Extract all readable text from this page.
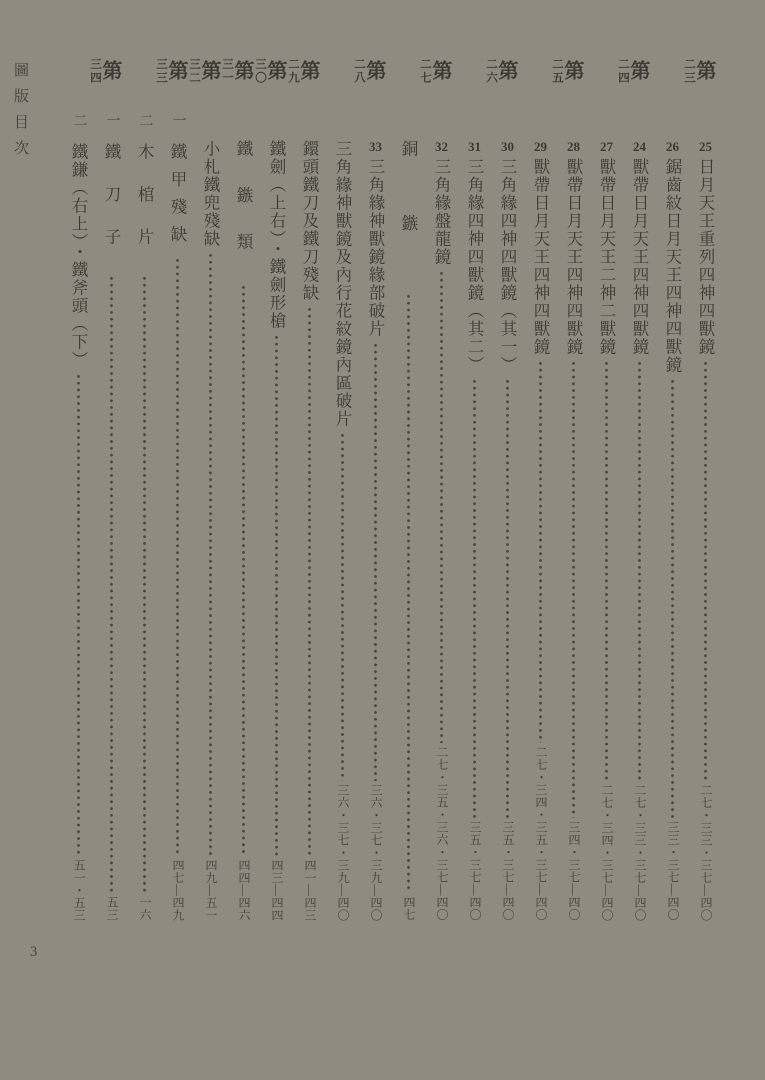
圖版目次	第
二三
25
日月天王重列四神四獸鏡
二七・三三・三七—四〇
26
鋸齒紋日月天王四神四獸鏡
三三・三七—四〇
第
二四
24
獸帶日月天王四神四獸鏡
二七・三三・三七—四〇
27
獸帶日月天王二神二獸鏡
二七・三四・三七—四〇
第
二五
28
獸帶日月天王四神四獸鏡
三四・三七—四〇
29
獸帶日月天王四神四獸鏡
二七・三四・三五・三七—四〇
第
二六
30
三角緣四神四獸鏡（其一）
三五・三七—四〇
31
三角緣四神四獸鏡（其二）
三五・三七—四〇
第
二七
32
三角緣盤龍鏡
二七・三五・三六・三七—四〇
銅鏃
四七
第
二八
33
三角緣神獸鏡緣部破片
三六・三七・三九—四〇
三角緣神獸鏡及內行花紋鏡內區破片
三六・三七・三九—四〇
第
二九
鐶頭鐵刀及鐵刀殘缺
四一—四三
第
三〇
鐵劍（上右）・鐵劍形槍
四三—四四
第
三一
鐵鏃類
四四—四六
第
三二
小札鐵兜殘缺
四九—五一
第
三三
一
鐵甲殘缺
四七—四九
二
木棺片
一六
第
三四
一
鐵刀子
五三
二
鐵鎌（右上）・鐵斧頭（下）
五一・五三
3
